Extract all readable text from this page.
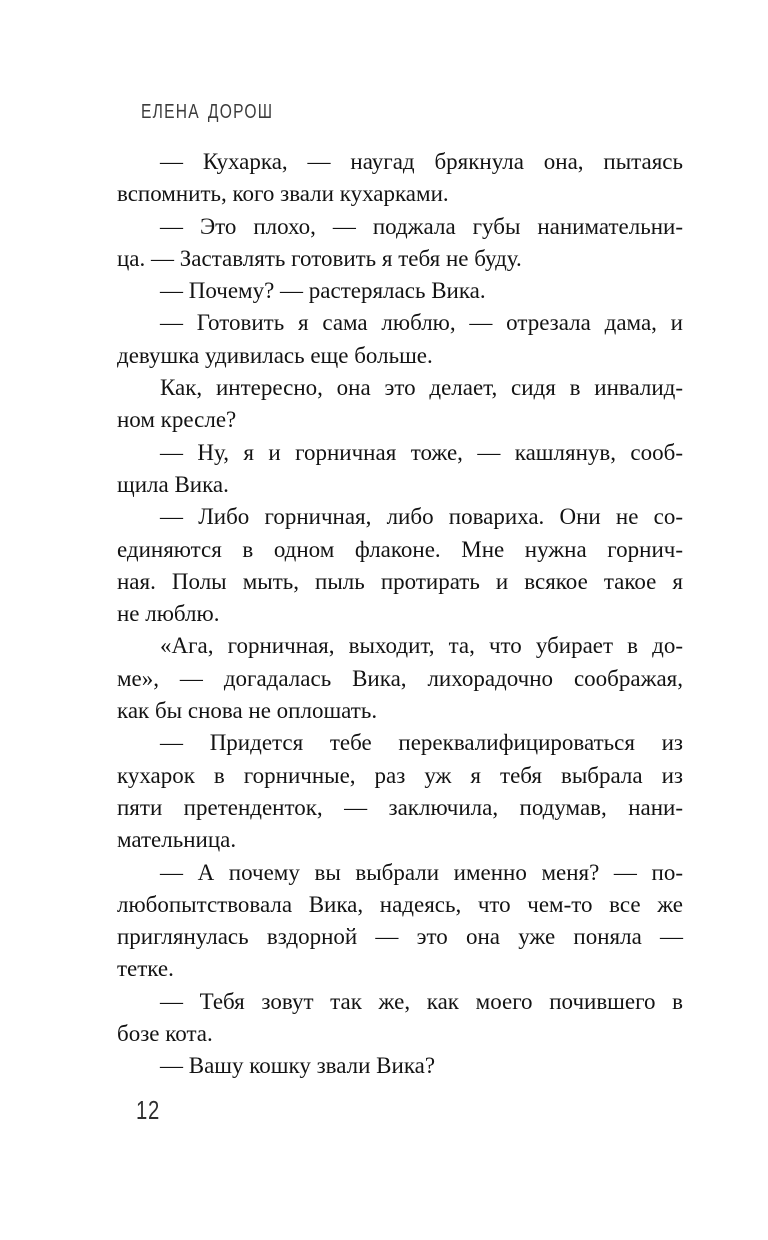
ЕЛЕНА ДОРОШ
— Кухарка, — наугад брякнула она, пытаясь
вспомнить, кого звали кухарками.
— Это плохо, — поджала губы нанимательни-
ца. — Заставлять готовить я тебя не буду.
— Почему? — растерялась Вика.
— Готовить я сама люблю, — отрезала дама, и
девушка удивилась еще больше.
Как, интересно, она это делает, сидя в инвалид-
ном кресле?
— Ну, я и горничная тоже, — кашлянув, сооб-
щила Вика.
— Либо горничная, либо повариха. Они не со-
единяются в одном флаконе. Мне нужна горнич-
ная. Полы мыть, пыль протирать и всякое такое я
не люблю.
«Ага, горничная, выходит, та, что убирает в до-
ме», — догадалась Вика, лихорадочно соображая,
как бы снова не оплошать.
— Придется тебе переквалифицироваться из
кухарок в горничные, раз уж я тебя выбрала из
пяти претенденток, — заключила, подумав, нани-
мательница.
— А почему вы выбрали именно меня? — по-
любопытствовала Вика, надеясь, что чем-то все же
приглянулась вздорной — это она уже поняла —
тетке.
— Тебя зовут так же, как моего почившего в
бозе кота.
— Вашу кошку звали Вика?
12
